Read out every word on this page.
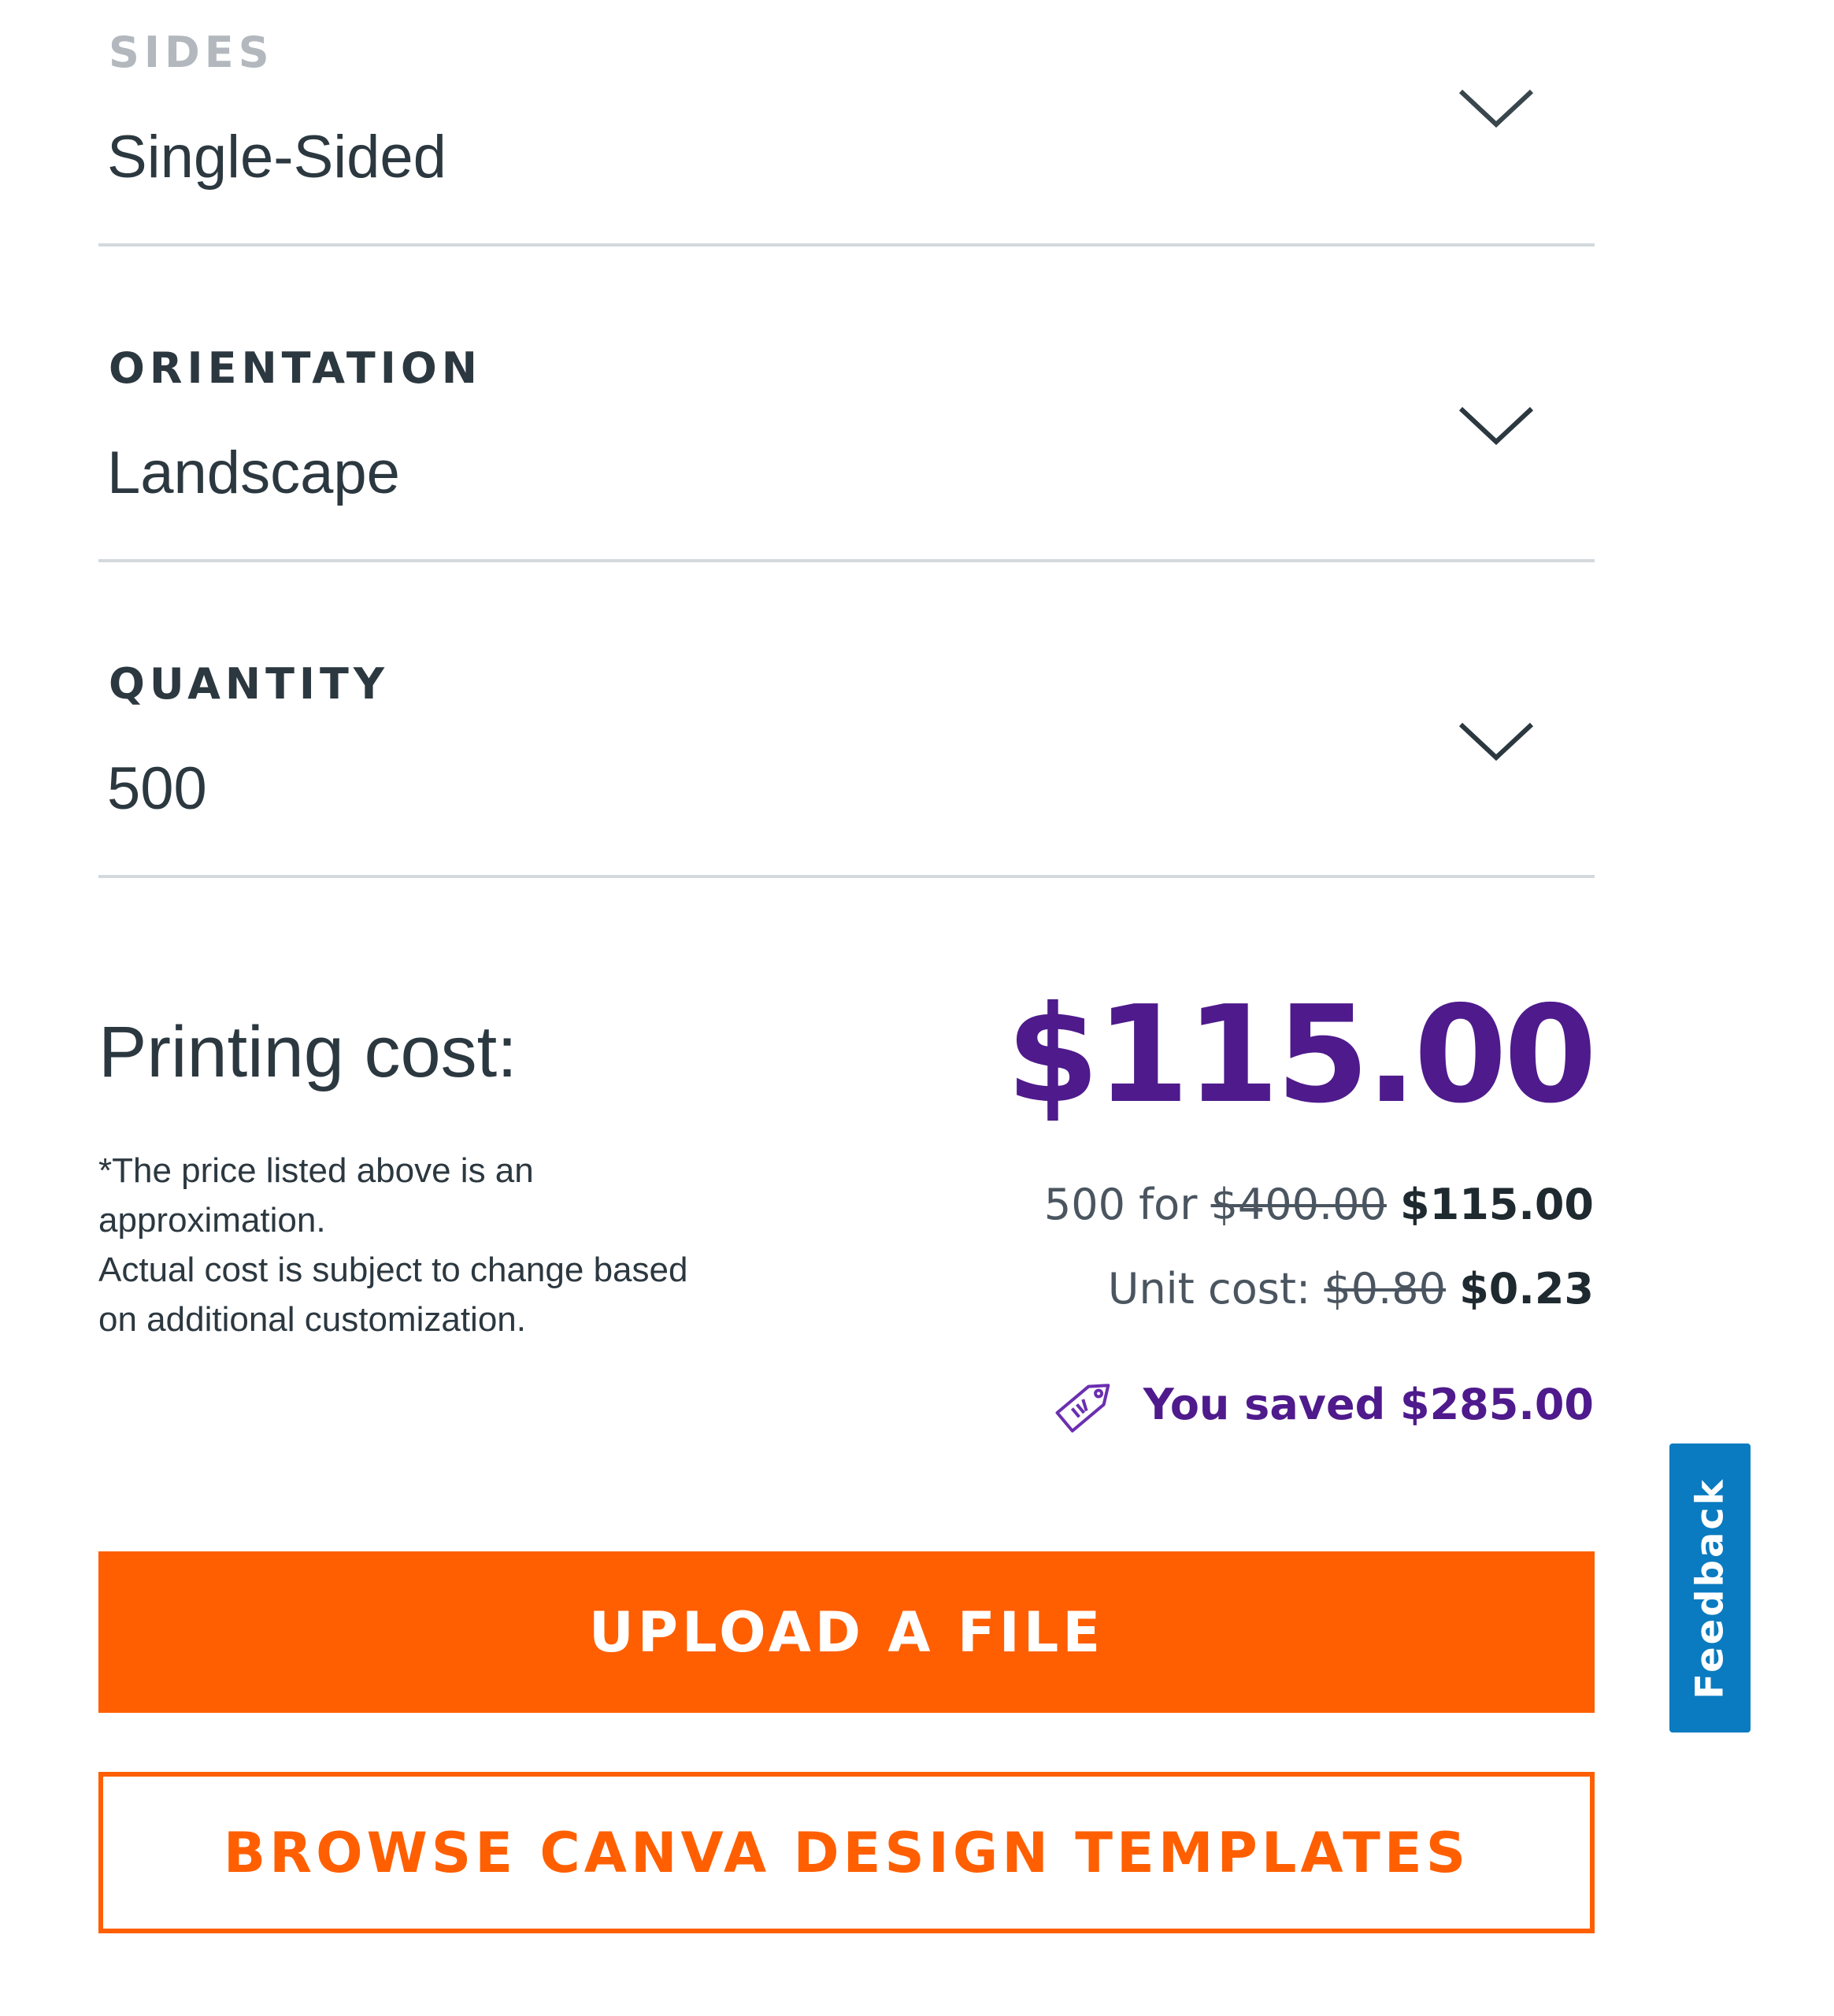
SIDES
Single-Sided
ORIENTATION
Landscape
QUANTITY
500
Printing cost:
*The price listed above is an
approximation.
Actual cost is subject to change based
on additional customization.
$115.00
500 for $400.00 $115.00
Unit cost: $0.80 $0.23
You saved $285.00
UPLOAD A FILE
BROWSE CANVA DESIGN TEMPLATES
Feedback
